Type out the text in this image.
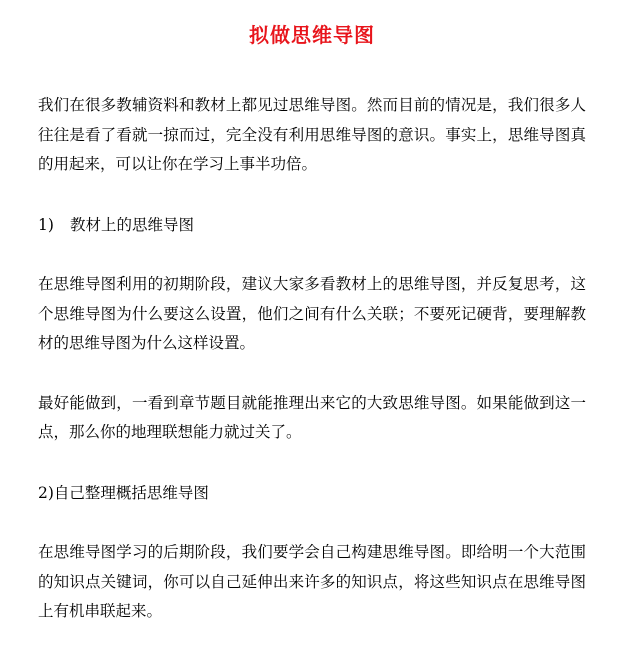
拟做思维导图

我们在很多教辅资料和教材上都见过思维导图。然而目前的情况是，我们很多人往往是看了看就一掠而过，完全没有利用思维导图的意识。事实上，思维导图真的用起来，可以让你在学习上事半功倍。

1) 教材上的思维导图

在思维导图利用的初期阶段，建议大家多看教材上的思维导图，并反复思考，这个思维导图为什么要这么设置，他们之间有什么关联；不要死记硬背，要理解教材的思维导图为什么这样设置。

最好能做到，一看到章节题目就能推理出来它的大致思维导图。如果能做到这一点，那么你的地理联想能力就过关了。

2)自己整理概括思维导图

在思维导图学习的后期阶段，我们要学会自己构建思维导图。即给明一个大范围的知识点关键词，你可以自己延伸出来许多的知识点，将这些知识点在思维导图上有机串联起来。
